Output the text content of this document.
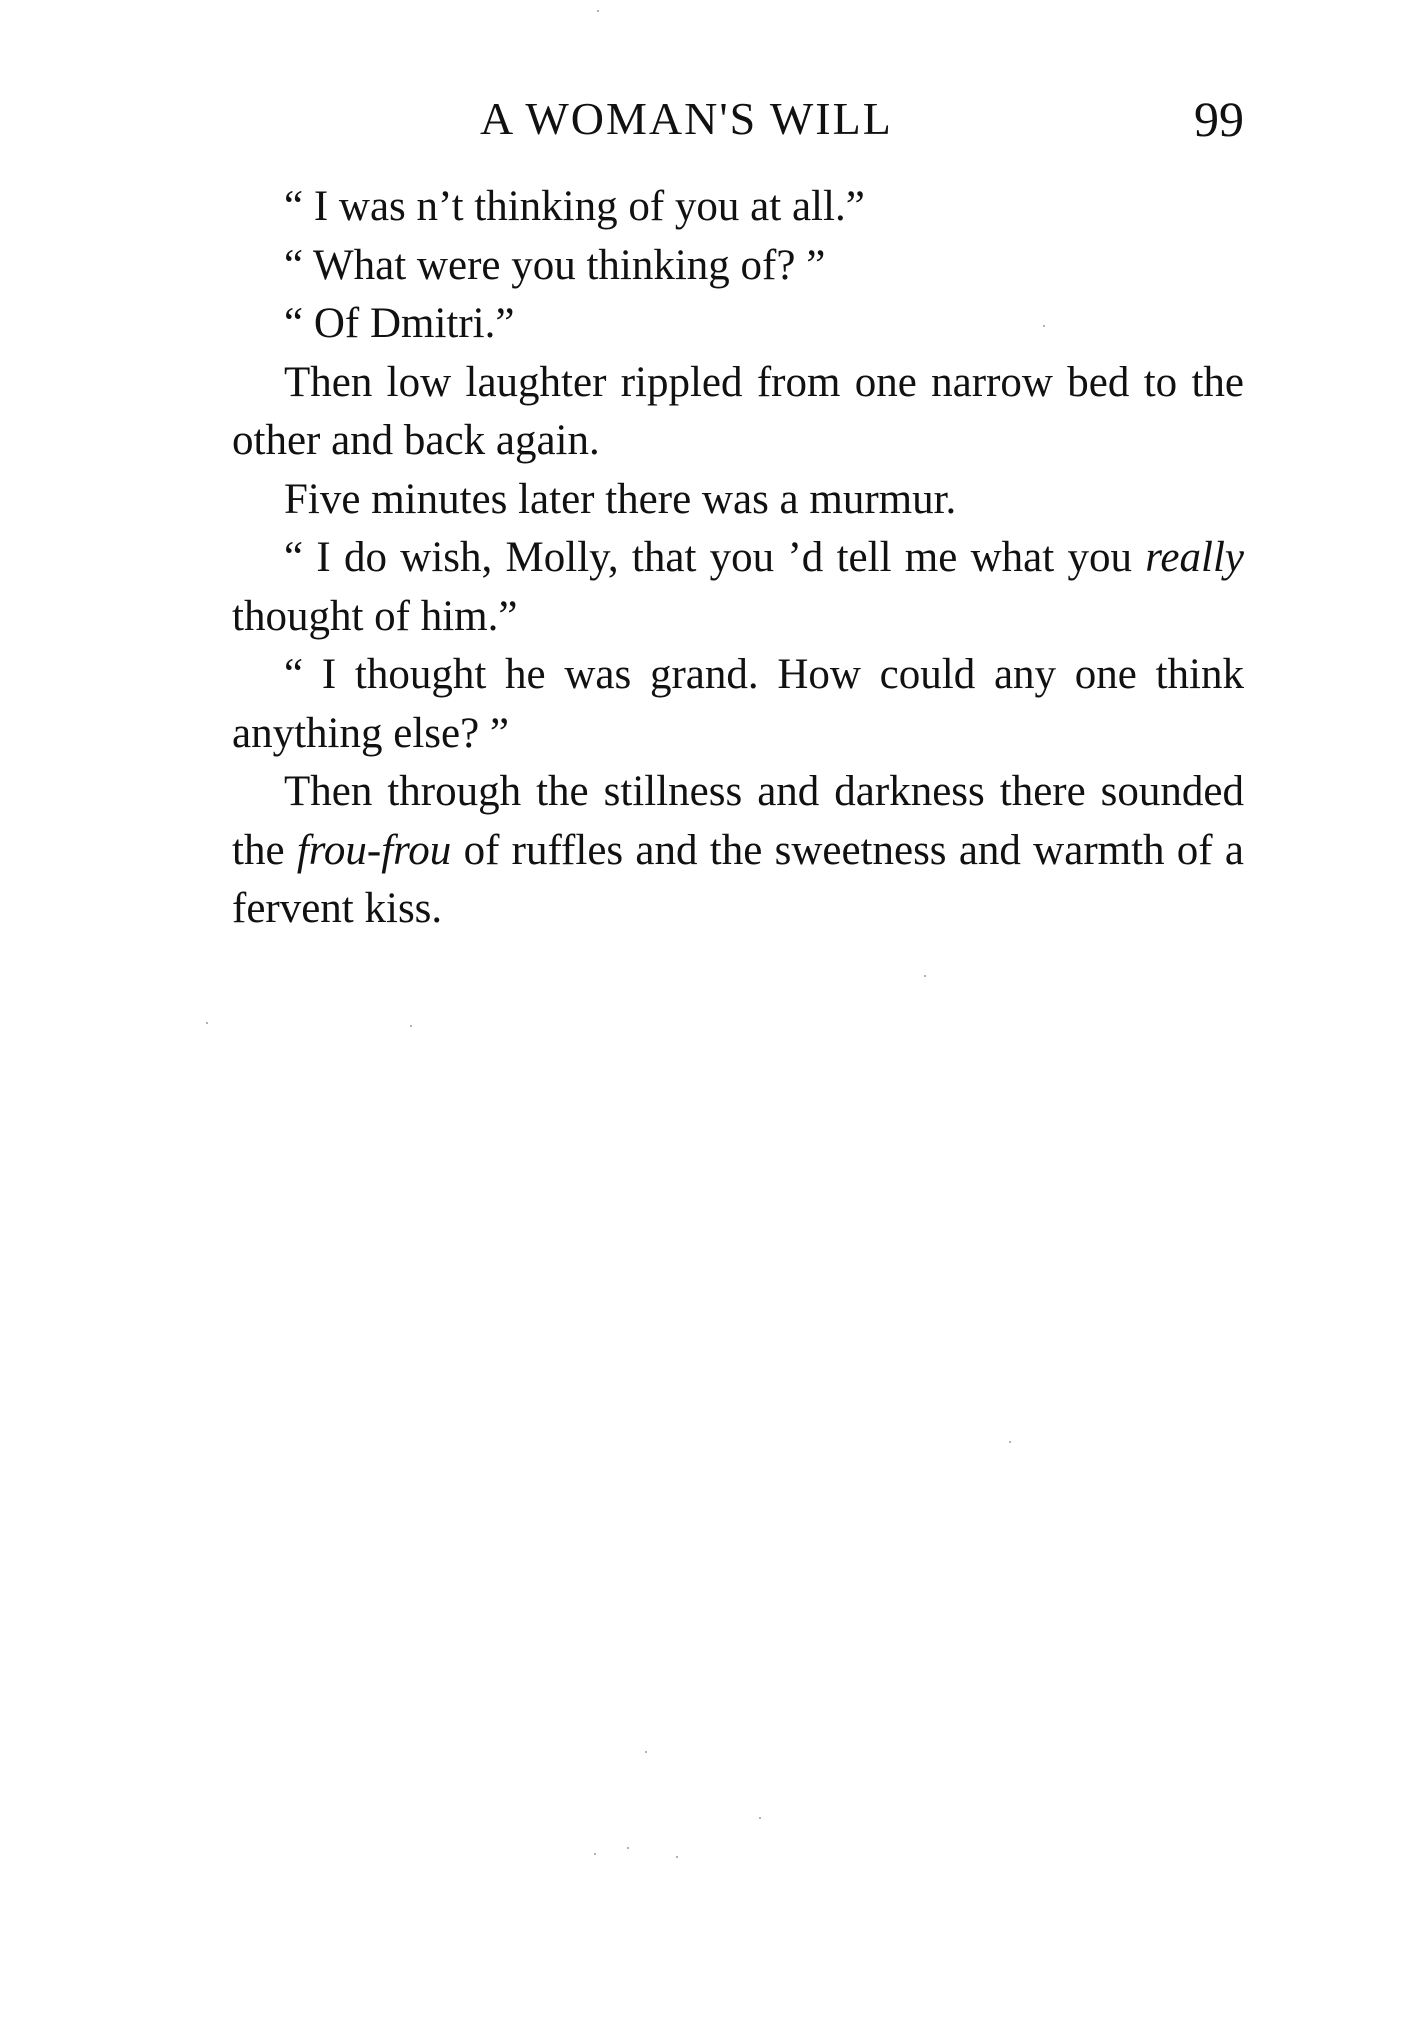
A WOMAN'S WILL	99

“ I was n’t thinking of you at all.”

“ What were you thinking of? ”

“ Of Dmitri.”

Then low laughter rippled from one narrow bed to the other and back again.

Five minutes later there was a murmur.

“ I do wish, Molly, that you ’d tell me what you really thought of him.”

“ I thought he was grand. How could any one think anything else? ”

Then through the stillness and darkness there sounded the frou-frou of ruffles and the sweetness and warmth of a fervent kiss.
